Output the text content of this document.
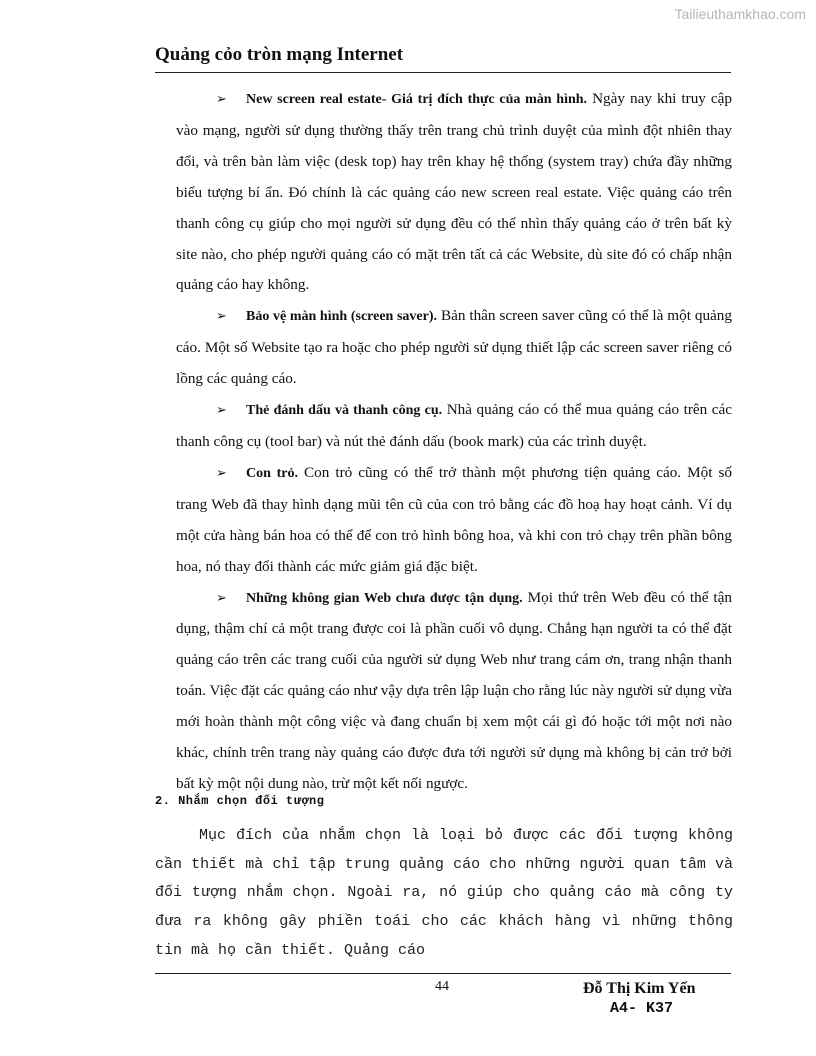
Tailieuthamkhao.com
Quảng cỏo tròn mạng Internet

➢ New screen real estate- Giá trị đích thực của màn hình. Ngày nay khi truy cập vào mạng, người sử dụng thường thấy trên trang chủ trình duyệt của mình đột nhiên thay đổi, và trên bàn làm việc (desk top) hay trên khay hệ thống (system tray) chứa đầy những biểu tượng bí ẩn. Đó chính là các quảng cáo new screen real estate. Việc quảng cáo trên thanh công cụ giúp cho mọi người sử dụng đều có thể nhìn thấy quảng cáo ở trên bất kỳ site nào, cho phép người quảng cáo có mặt trên tất cả các Website, dù site đó có chấp nhận quảng cáo hay không.

➢ Bảo vệ màn hình (screen saver). Bản thân screen saver cũng có thể là một quảng cáo. Một số Website tạo ra hoặc cho phép người sử dụng thiết lập các screen saver riêng có lồng các quảng cáo.

➢ Thẻ đánh dấu và thanh công cụ. Nhà quảng cáo có thể mua quảng cáo trên các thanh công cụ (tool bar) và nút thẻ đánh dấu (book mark) của các trình duyệt.

➢ Con trỏ. Con trỏ cũng có thể trở thành một phương tiện quảng cáo. Một số trang Web đã thay hình dạng mũi tên cũ của con trỏ bằng các đồ hoạ hay hoạt cảnh. Ví dụ một cửa hàng bán hoa có thể để con trỏ hình bông hoa, và khi con trỏ chạy trên phần bông hoa, nó thay đổi thành các mức giảm giá đặc biệt.

➢ Những không gian Web chưa được tận dụng. Mọi thứ trên Web đều có thể tận dụng, thậm chí cả một trang được coi là phần cuối vô dụng. Chẳng hạn người ta có thể đặt quảng cáo trên các trang cuối của người sử dụng Web như trang cám ơn, trang nhận thanh toán. Việc đặt các quảng cáo như vậy dựa trên lập luận cho rằng lúc này người sử dụng vừa mới hoàn thành một công việc và đang chuẩn bị xem một cái gì đó hoặc tới một nơi nào khác, chính trên trang này quảng cáo được đưa tới người sử dụng mà không bị cản trở bởi bất kỳ một nội dung nào, trừ một kết nối ngược.

2. Nhắm chọn đối tượng

Mục đích của nhắm chọn là loại bỏ được các đối tượng không cần thiết mà chỉ tập trung quảng cáo cho những người quan tâm và đối tượng nhắm chọn. Ngoài ra, nó giúp cho quảng cáo mà công ty đưa ra không gây phiền toái cho các khách hàng vì những thông tin mà họ cần thiết. Quảng cáo

44	Đỗ Thị Kim Yến
A4- K37
